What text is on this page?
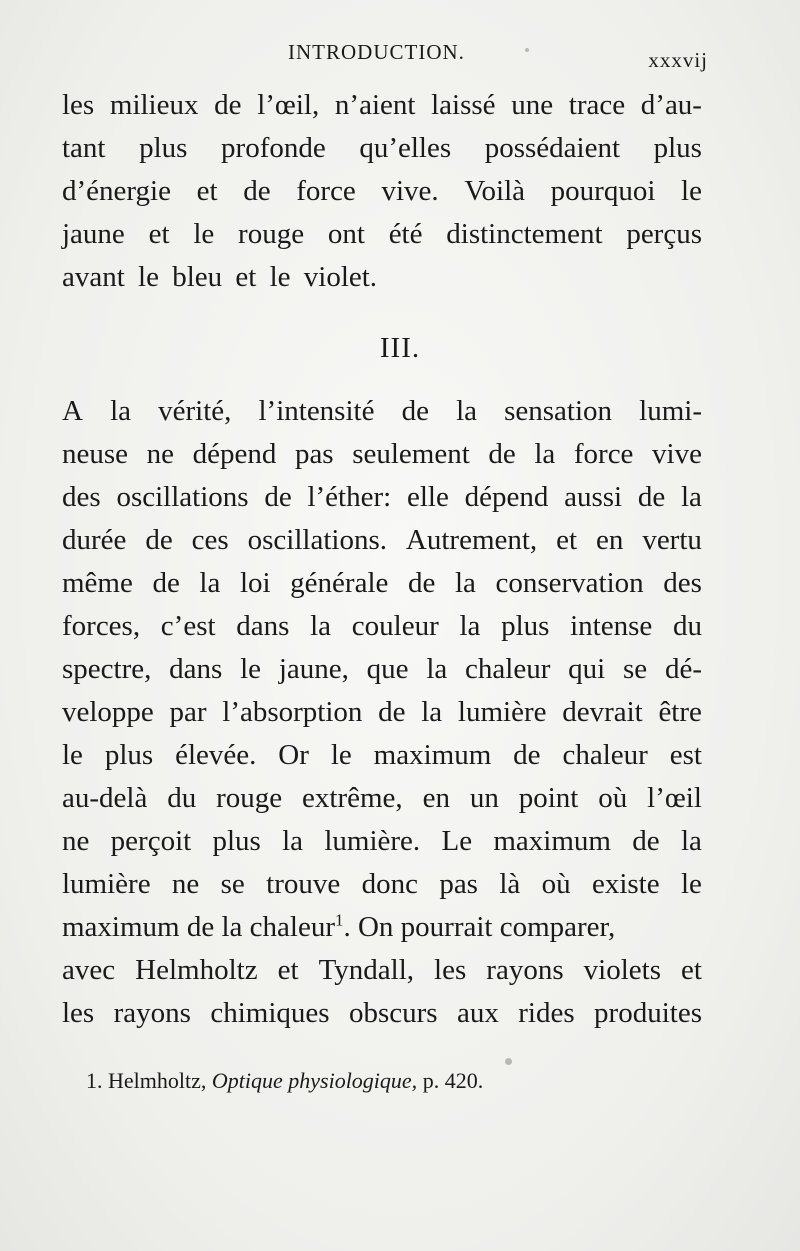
INTRODUCTION.	xxxvij
les milieux de l’œil, n’aient laissé une trace d’au-
tant plus profonde qu’elles possédaient plus
d’énergie et de force vive. Voilà pourquoi le
jaune et le rouge ont été distinctement perçus
avant le bleu et le violet.
III.
A la vérité, l’intensité de la sensation lumi-
neuse ne dépend pas seulement de la force vive
des oscillations de l’éther: elle dépend aussi de la
durée de ces oscillations. Autrement, et en vertu
même de la loi générale de la conservation des
forces, c’est dans la couleur la plus intense du
spectre, dans le jaune, que la chaleur qui se dé-
veloppe par l’absorption de la lumière devrait être
le plus élevée. Or le maximum de chaleur est
au-delà du rouge extrême, en un point où l’œil
ne perçoit plus la lumière. Le maximum de la
lumière ne se trouve donc pas là où existe le
maximum de la chaleur$^1$. On pourrait comparer,
avec Helmholtz et Tyndall, les rayons violets et
les rayons chimiques obscurs aux rides produites
1. Helmholtz, Optique physiologique, p. 420.
